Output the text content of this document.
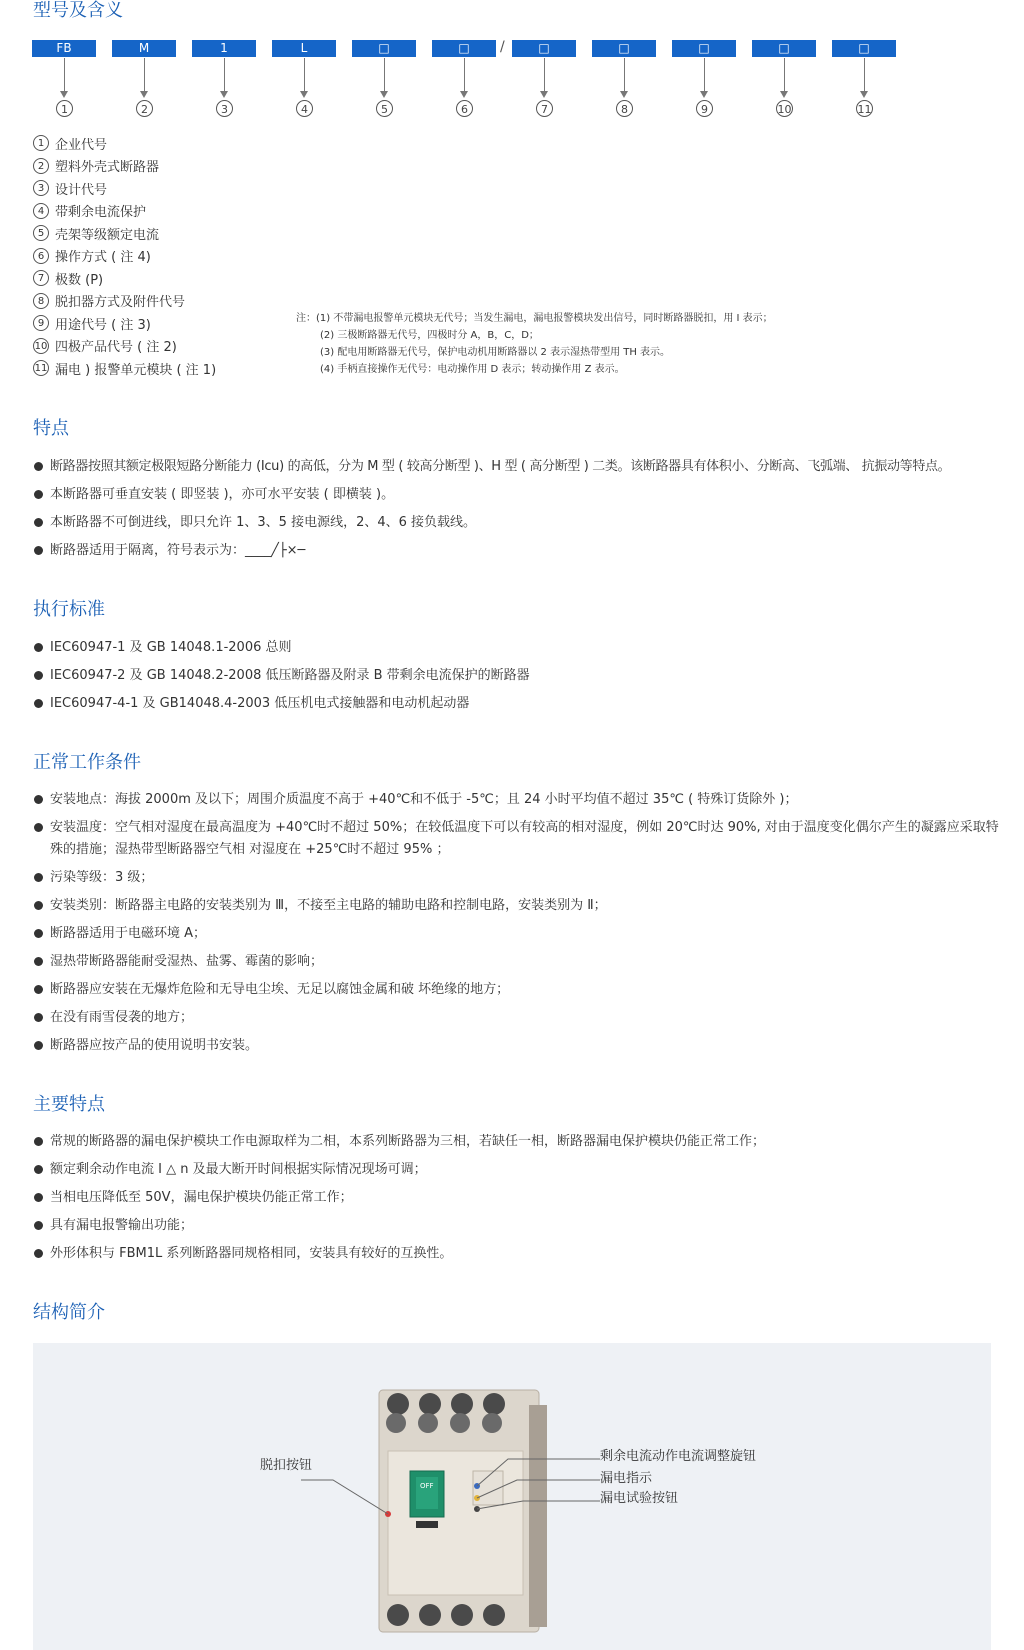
型号及含义
FB	M	1	L	□	□	/	□	□	□	□	□
1	2	3	4	5	6	7	8	9	10	11
1 企业代号
2 塑料外壳式断路器
3 设计代号
4 带剩余电流保护
5 壳架等级额定电流
6 操作方式 ( 注 4)
7 极数 (P)
8 脱扣器方式及附件代号
9 用途代号 ( 注 3)
10 四极产品代号 ( 注 2)
11 漏电 ) 报警单元模块 ( 注 1)
注：(1) 不带漏电报警单元模块无代号；当发生漏电，漏电报警模块发出信号，同时断路器脱扣，用 I 表示；
(2) 三极断路器无代号，四极时分 A，B，C，D；
(3) 配电用断路器无代号，保护电动机用断路器以 2 表示湿热带型用 TH 表示。
(4) 手柄直接操作无代号：电动操作用 D 表示；转动操作用 Z 表示。
特点
断路器按照其额定极限短路分断能力 (Icu) 的高低，分为 M 型 ( 较高分断型 )、H 型 ( 高分断型 ) 二类。该断路器具有体积小、分断高、飞弧端、 抗振动等特点。
本断路器可垂直安装 ( 即竖装 )，亦可水平安装 ( 即横装 )。
本断路器不可倒进线，即只允许 1、3、5 接电源线，2、4、6 接负载线。
断路器适用于隔离，符号表示为：____╱├×─
执行标准
IEC60947-1 及 GB 14048.1-2006 总则
IEC60947-2 及 GB 14048.2-2008 低压断路器及附录 B 带剩余电流保护的断路器
IEC60947-4-1 及 GB14048.4-2003 低压机电式接触器和电动机起动器
正常工作条件
安装地点：海拔 2000m 及以下；周围介质温度不高于 +40℃和不低于 -5℃；且 24 小时平均值不超过 35℃ ( 特殊订货除外 )；
安装温度：空气相对湿度在最高温度为 +40℃时不超过 50%；在较低温度下可以有较高的相对湿度，例如 20℃时达 90%, 对由于温度变化偶尔产生的凝露应采取特殊的措施；湿热带型断路器空气相 对湿度在 +25℃时不超过 95% ；
污染等级：3 级；
安装类别：断路器主电路的安装类别为 Ⅲ，不接至主电路的辅助电路和控制电路，安装类别为 Ⅱ；
断路器适用于电磁环境 A；
湿热带断路器能耐受湿热、盐雾、霉菌的影响；
断路器应安装在无爆炸危险和无导电尘埃、无足以腐蚀金属和破 坏绝缘的地方；
在没有雨雪侵袭的地方；
断路器应按产品的使用说明书安装。
主要特点
常规的断路器的漏电保护模块工作电源取样为二相，本系列断路器为三相，若缺任一相，断路器漏电保护模块仍能正常工作；
额定剩余动作电流 I △ n 及最大断开时间根据实际情况现场可调；
当相电压降低至 50V，漏电保护模块仍能正常工作；
具有漏电报警输出功能；
外形体积与 FBM1L 系列断路器同规格相同，安装具有较好的互换性。
结构简介
OFF
脱扣按钮
剩余电流动作电流调整旋钮
漏电指示
漏电试验按钮
